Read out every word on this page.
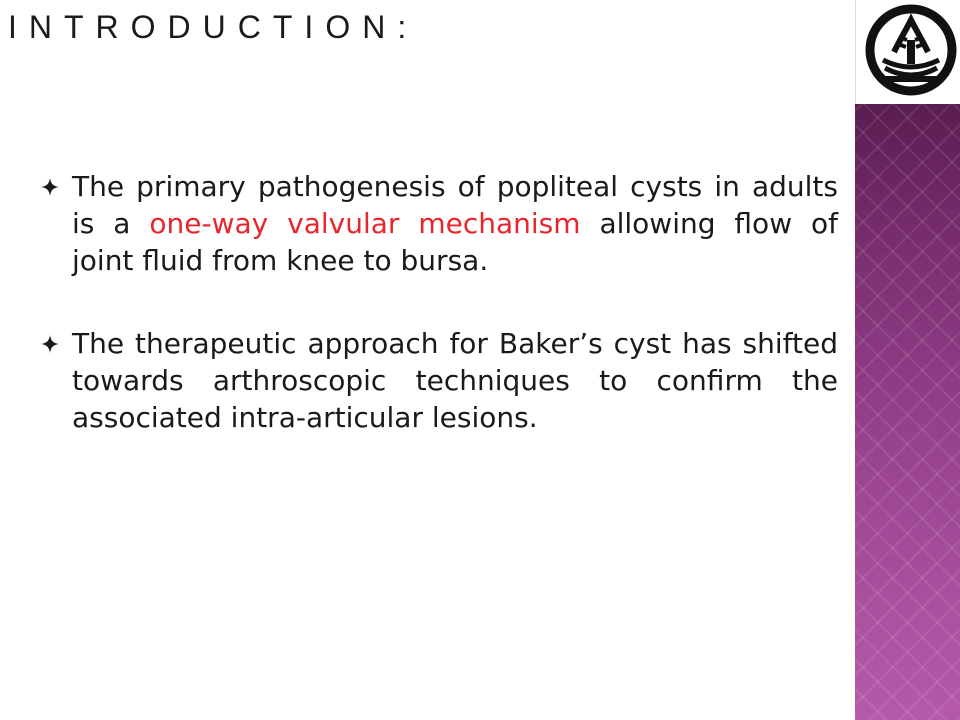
INTRODUCTION:

The primary pathogenesis of popliteal cysts in adults is a one-way valvular mechanism allowing flow of joint fluid from knee to bursa.

The therapeutic approach for Baker’s cyst has shifted towards arthroscopic techniques to confirm the associated intra-articular lesions.
